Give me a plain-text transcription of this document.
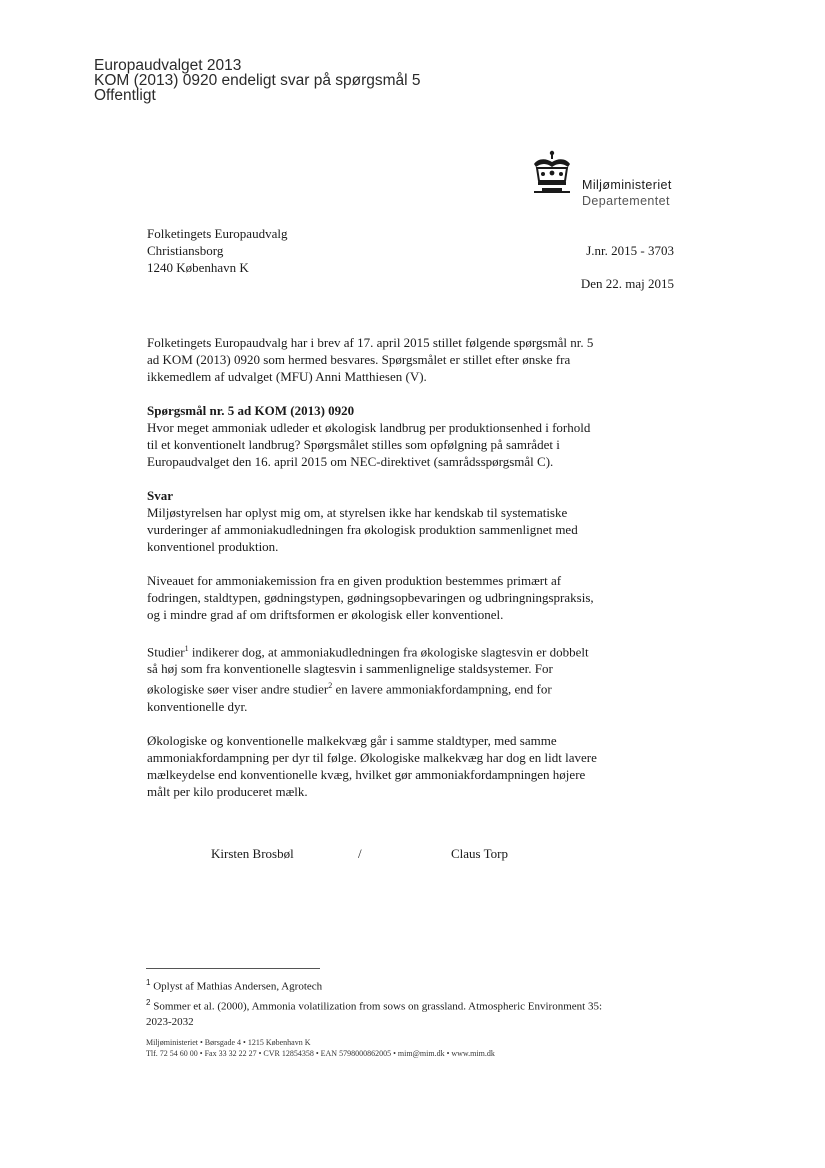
Europaudvalget 2013
KOM (2013) 0920 endeligt svar på spørgsmål 5
Offentligt
Miljøministeriet
Departementet
Folketingets Europaudvalg
Christiansborg
1240 København K
J.nr. 2015 - 3703
Den 22. maj 2015

Folketingets Europaudvalg har i brev af 17. april 2015 stillet følgende spørgsmål nr. 5 ad KOM (2013) 0920 som hermed besvares. Spørgsmålet er stillet efter ønske fra ikkemedlem af udvalget (MFU) Anni Matthiesen (V).

Spørgsmål nr. 5 ad KOM (2013) 0920
Hvor meget ammoniak udleder et økologisk landbrug per produktionsenhed i forhold til et konventionelt landbrug? Spørgsmålet stilles som opfølgning på samrådet i Europaudvalget den 16. april 2015 om NEC-direktivet (samrådsspørgsmål C).

Svar
Miljøstyrelsen har oplyst mig om, at styrelsen ikke har kendskab til systematiske vurderinger af ammoniakudledningen fra økologisk produktion sammenlignet med konventionel produktion.

Niveauet for ammoniakemission fra en given produktion bestemmes primært af fodringen, staldtypen, gødningstypen, gødningsopbevaringen og udbringningspraksis, og i mindre grad af om driftsformen er økologisk eller konventionel.

Studier$^1$ indikerer dog, at ammoniakudledningen fra økologiske slagtesvin er dobbelt så høj som fra konventionelle slagtesvin i sammenlignelige staldsystemer. For økologiske søer viser andre studier$^2$ en lavere ammoniakfordampning, end for konventionelle dyr.

Økologiske og konventionelle malkekvæg går i samme staldtyper, med samme ammoniakfordampning per dyr til følge. Økologiske malkekvæg har dog en lidt lavere mælkeydelse end konventionelle kvæg, hvilket gør ammoniakfordampningen højere målt per kilo produceret mælk.

Kirsten Brosbøl	/	Claus Torp
$^1$ Oplyst af Mathias Andersen, Agrotech
$^2$ Sommer et al. (2000), Ammonia volatilization from sows on grassland. Atmospheric Environment 35: 2023-2032
Miljøministeriet • Børsgade 4 • 1215 København K
Tlf. 72 54 60 00 • Fax 33 32 22 27 • CVR 12854358 • EAN 5798000862005 • mim@mim.dk • www.mim.dk
